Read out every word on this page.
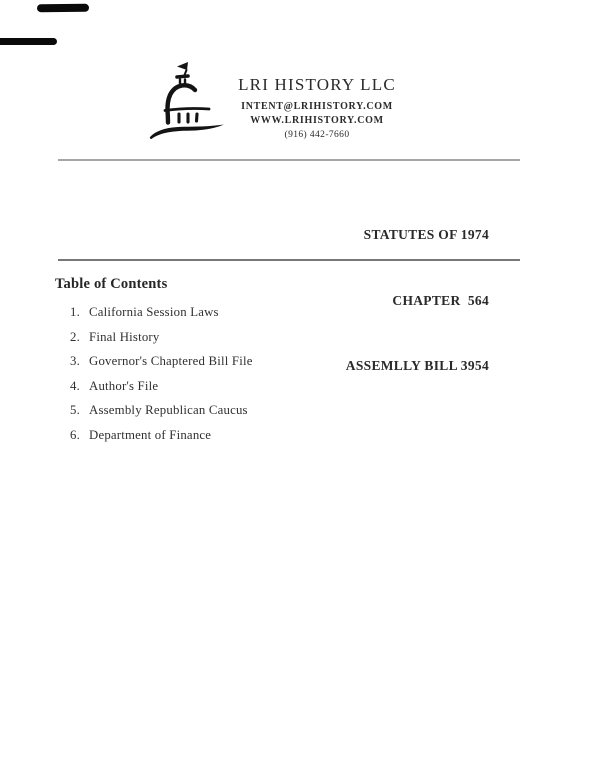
LRI HISTORY LLC
INTENT@LRIHISTORY.COM
WWW.LRIHISTORY.COM
(916) 442-7660

STATUTES OF 1974

CHAPTER  564

ASSEMLLY BILL 3954

Table of Contents
1. California Session Laws
2. Final History
3. Governor's Chaptered Bill File
4. Author's File
5. Assembly Republican Caucus
6. Department of Finance
